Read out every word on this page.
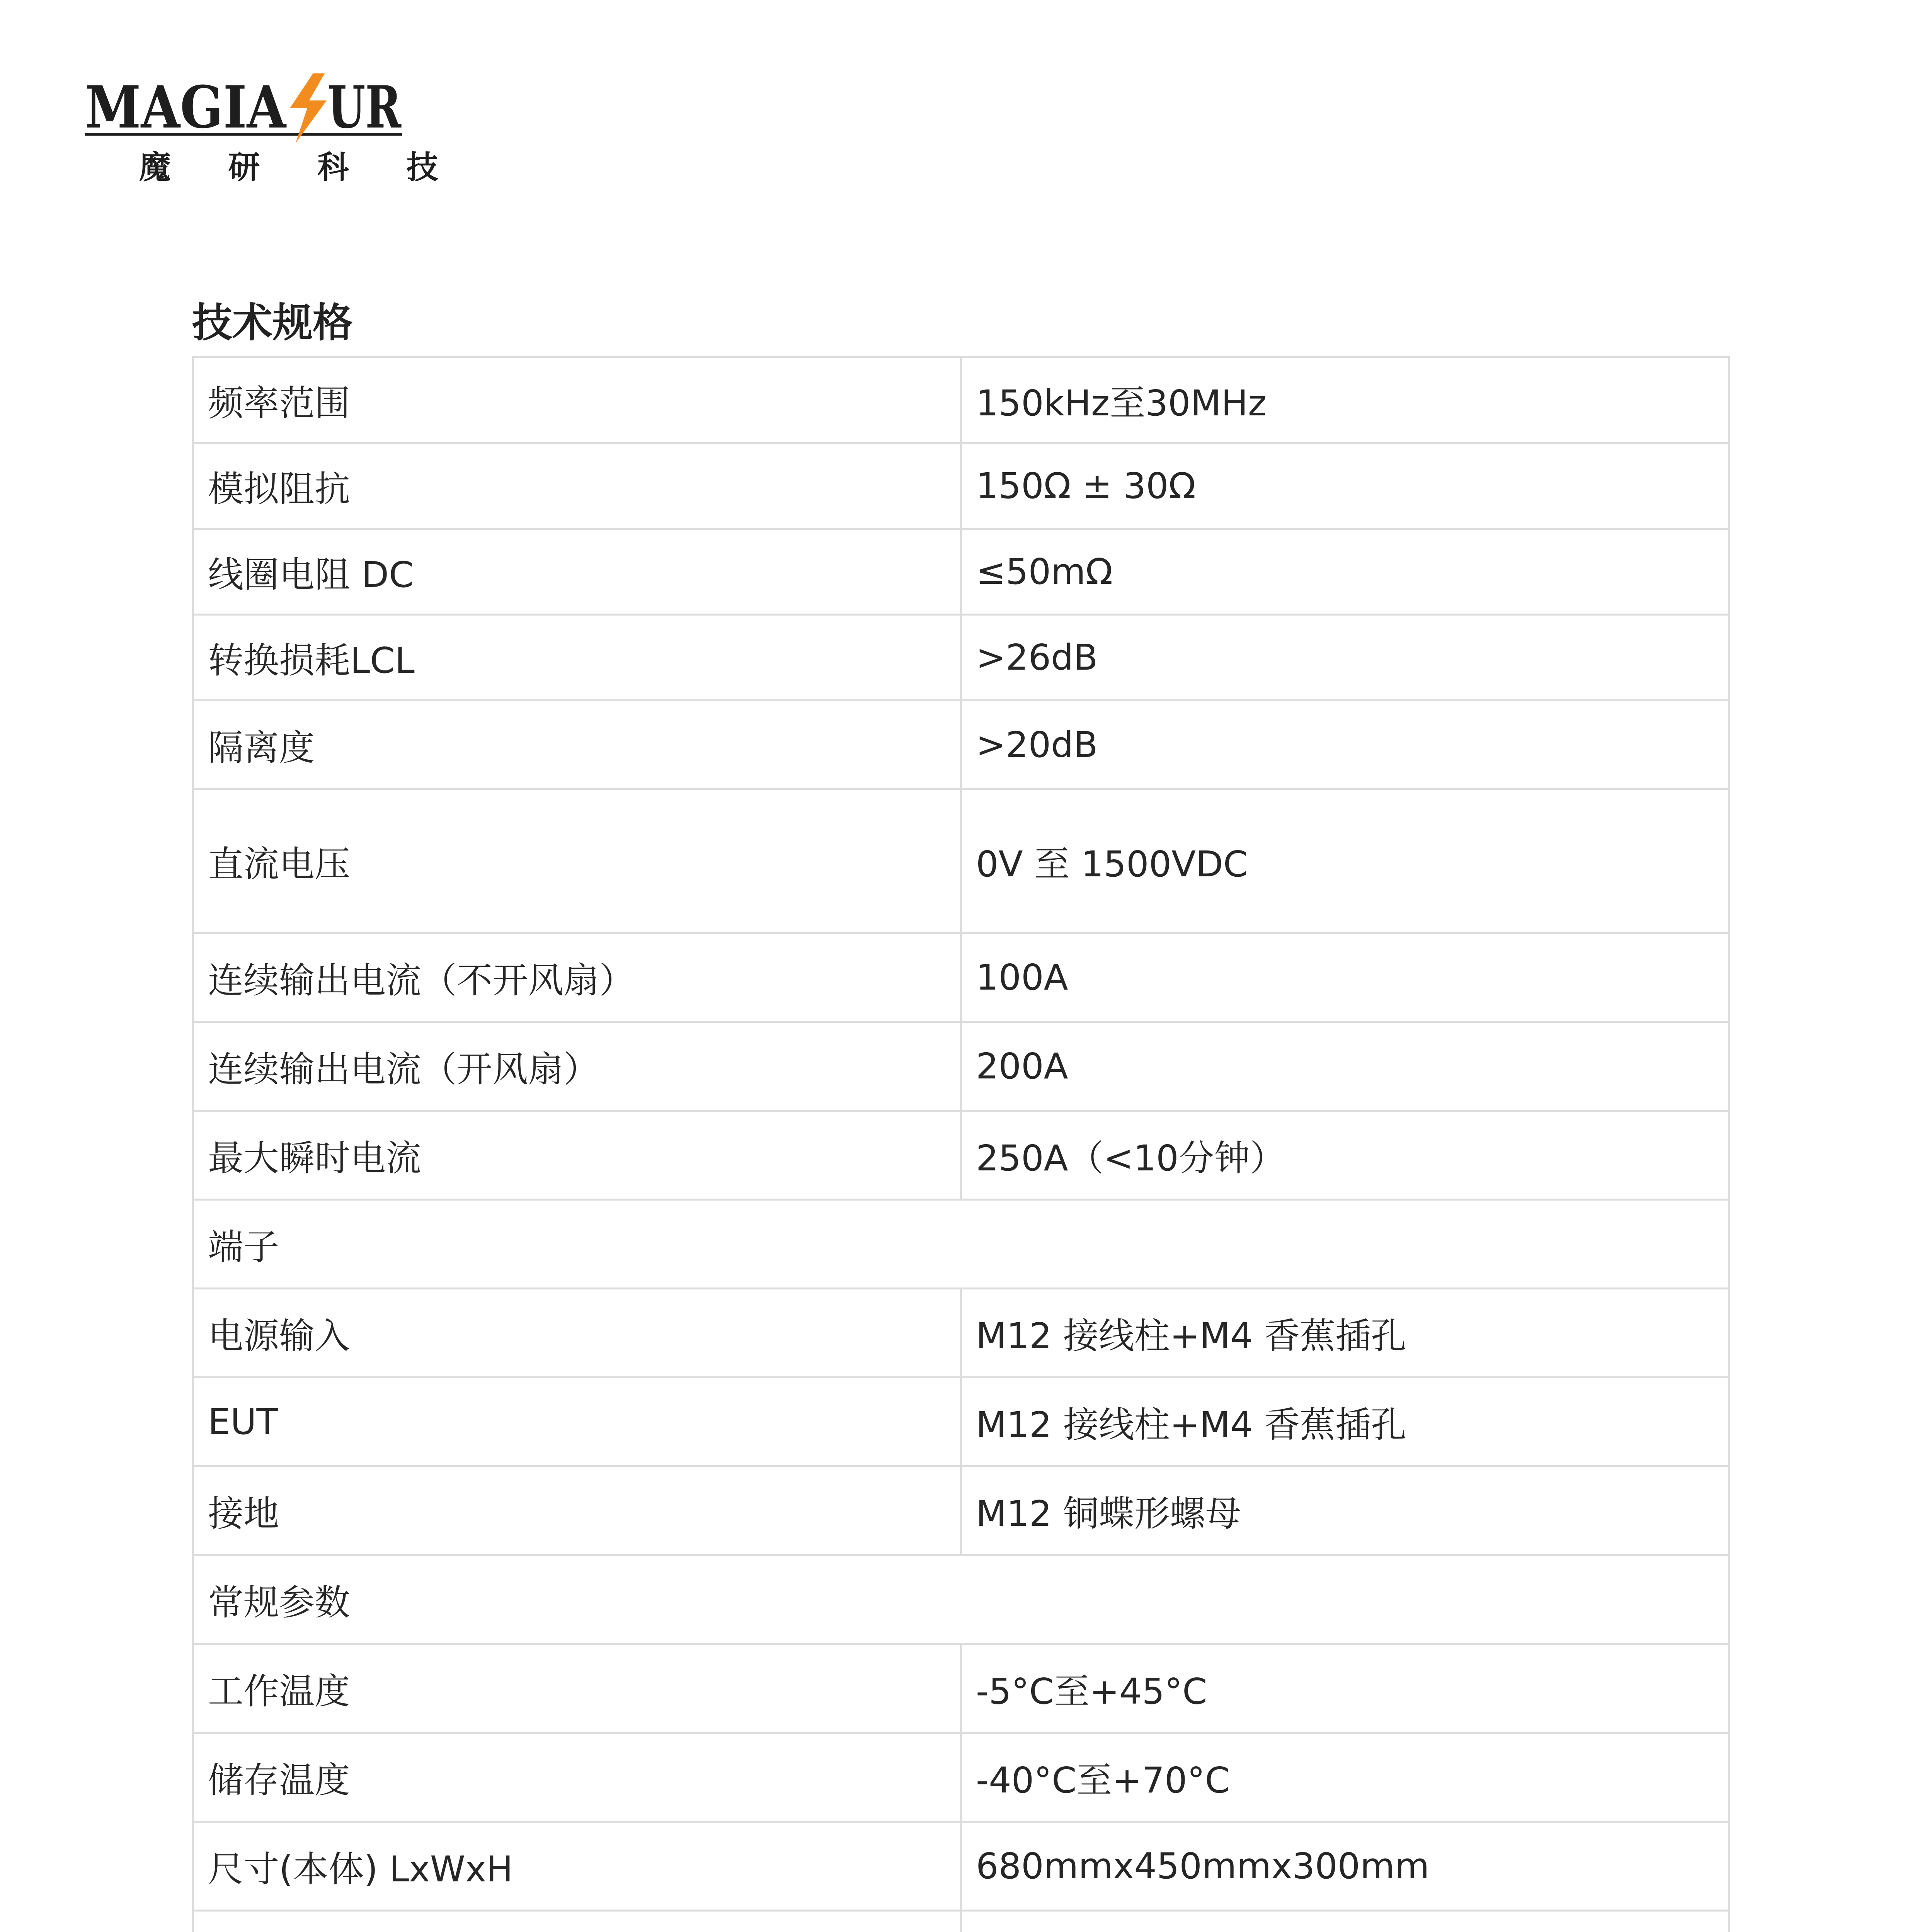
MAGIA UR
魔 研 科 技
技术规格
频率范围	150kHz至30MHz
模拟阻抗	150Ω ± 30Ω
线圈电阻 DC	≤50mΩ
转换损耗LCL	>26dB
隔离度	>20dB
直流电压	0V 至 1500VDC
连续输出电流（不开风扇）	100A
连续输出电流（开风扇）	200A
最大瞬时电流	250A（<10分钟）
端子	
电源输入	M12 接线柱+M4 香蕉插孔
EUT	M12 接线柱+M4 香蕉插孔
接地	M12 铜蝶形螺母
常规参数	
工作温度	-5°C至+45°C
储存温度	-40°C至+70°C
尺寸(本体) LxWxH	680mmx450mmx300mm
